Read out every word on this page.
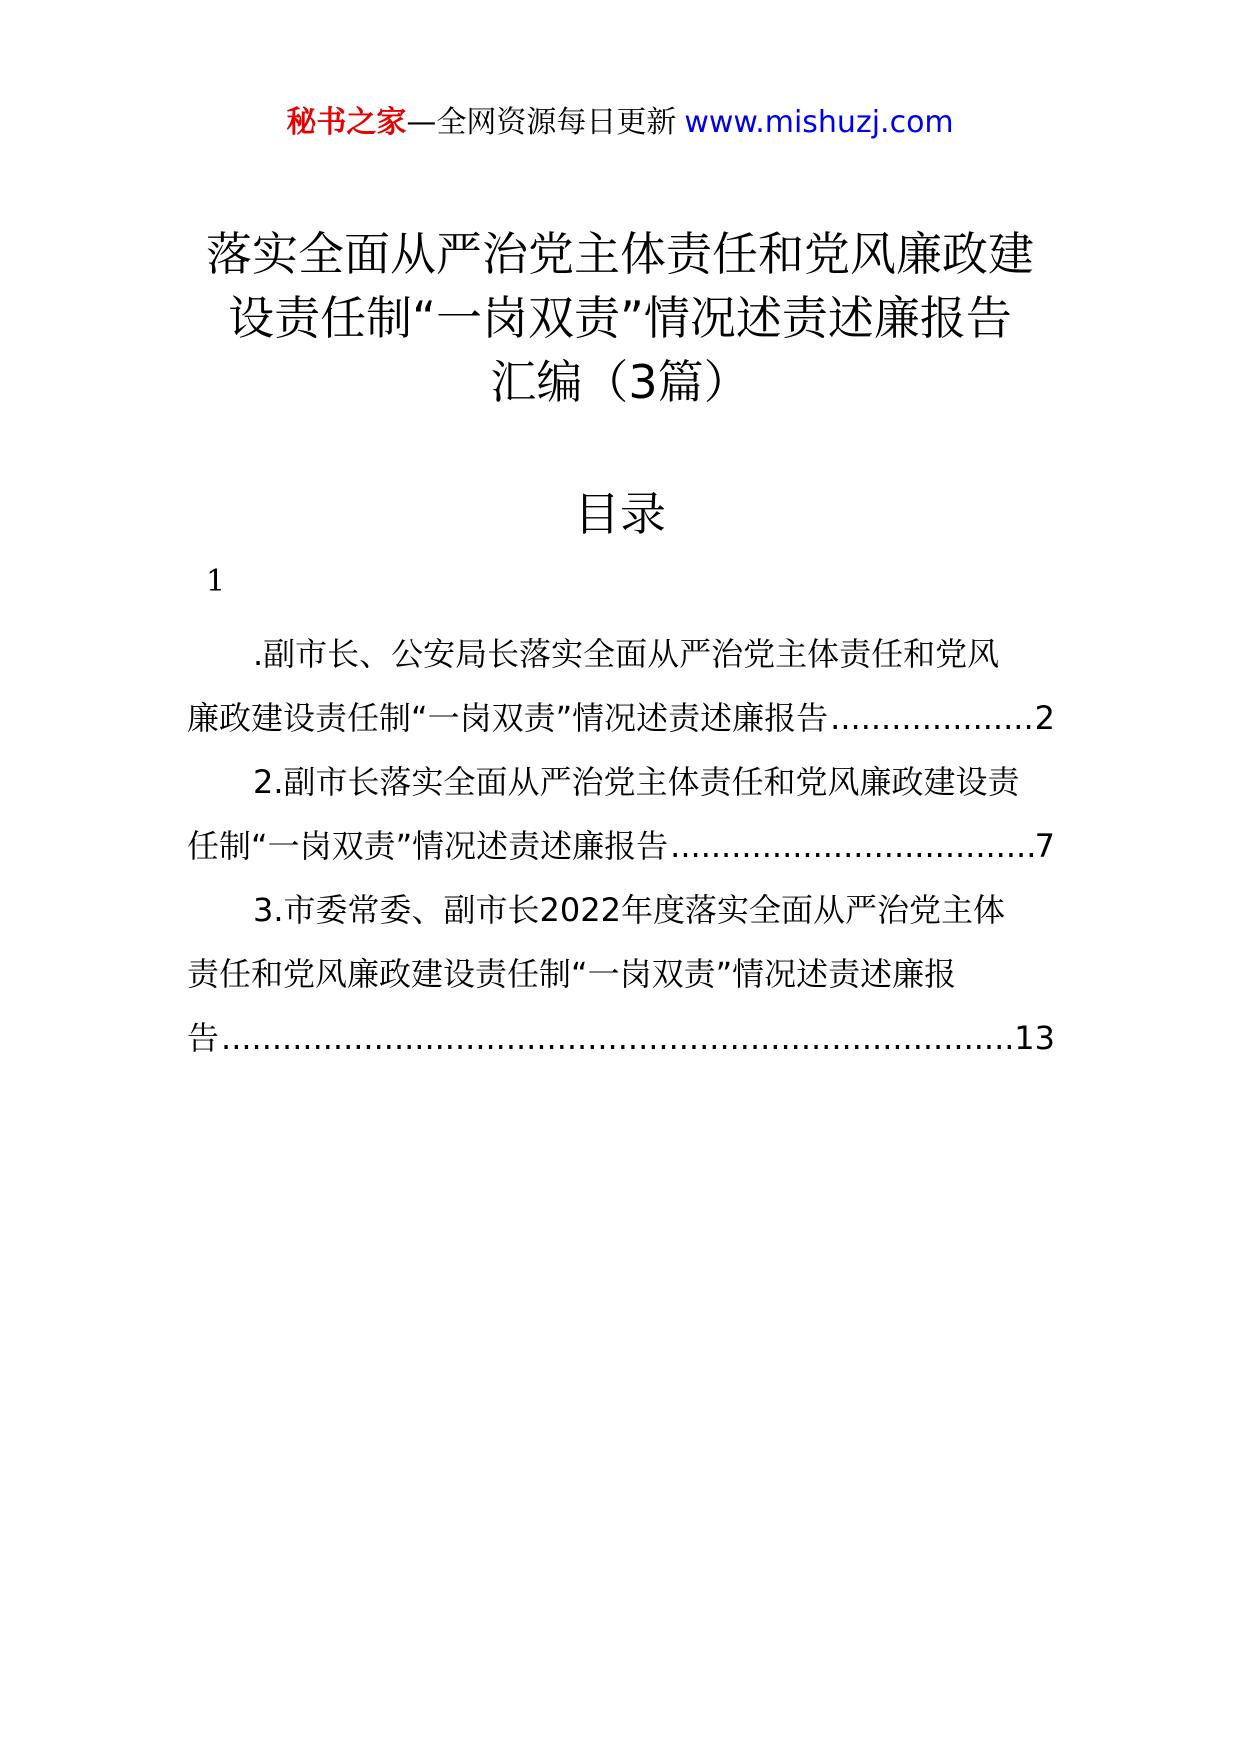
秘书之家—全网资源每日更新 www.mishuzj.com
落实全面从严治党主体责任和党风廉政建
设责任制“一岗双责”情况述责述廉报告
汇编（3篇）
目录
1
.副市长、公安局长落实全面从严治党主体责任和党风
廉政建设责任制“一岗双责”情况述责述廉报告 .....	2
2.副市长落实全面从严治党主体责任和党风廉政建设责
任制“一岗双责”情况述责述廉报告 .....	7
3.市委常委、副市长2022年度落实全面从严治党主体
责任和党风廉政建设责任制“一岗双责”情况述责述廉报
告 .....	13
